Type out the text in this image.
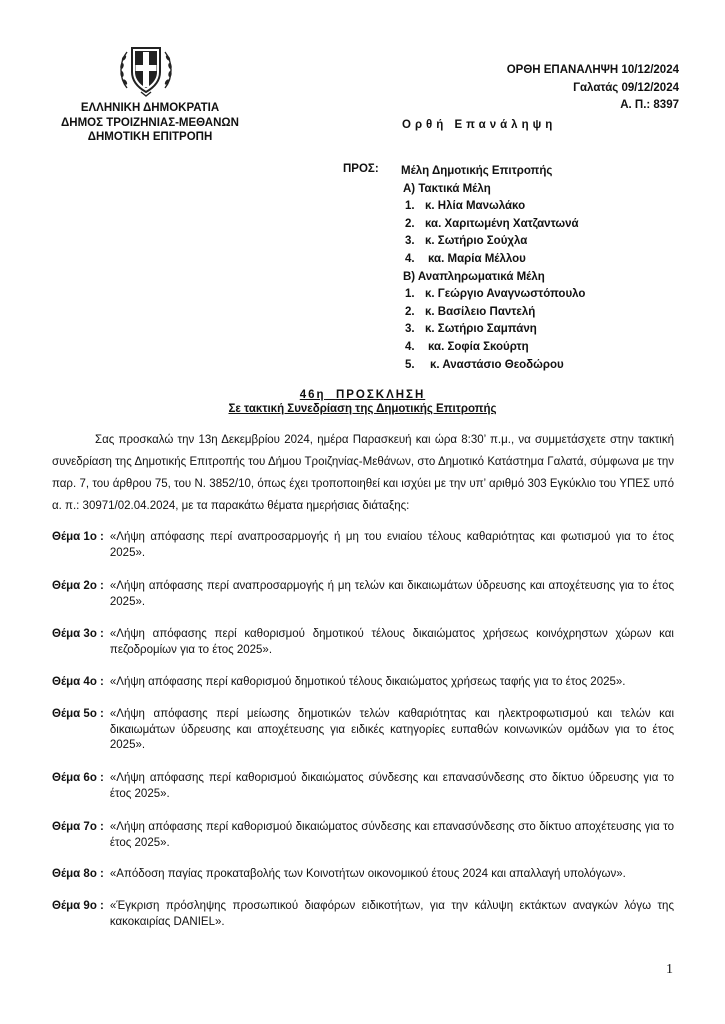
ΕΛΛΗΝΙΚΗ ΔΗΜΟΚΡΑΤΙΑ
ΔΗΜΟΣ ΤΡΟΙΖΗΝΙΑΣ-ΜΕΘΑΝΩΝ
ΔΗΜΟΤΙΚΗ ΕΠΙΤΡΟΠΗ
ΟΡΘΗ ΕΠΑΝΑΛΗΨΗ 10/12/2024
Γαλατάς 09/12/2024
Α. Π.: 8397
Ορθή Επανάληψη
ΠΡΟΣ: Μέλη Δημοτικής Επιτροπής
Α) Τακτικά Μέλη
1. κ. Ηλία Μανωλάκο
2. κα. Χαριτωμένη Χατζαντωνά
3. κ. Σωτήριο Σούχλα
4. κα. Μαρία Μέλλου
Β) Αναπληρωματικά Μέλη
1. κ. Γεώργιο Αναγνωστόπουλο
2. κ. Βασίλειο Παντελή
3. κ. Σωτήριο Σαμπάνη
4. κα. Σοφία Σκούρτη
5. κ. Αναστάσιο Θεοδώρου
46η ΠΡΟΣΚΛΗΣΗ
Σε τακτική Συνεδρίαση της Δημοτικής Επιτροπής
Σας προσκαλώ την 13η Δεκεμβρίου 2024, ημέρα Παρασκευή και ώρα 8:30’ π.μ., να συμμετάσχετε στην τακτική συνεδρίαση της Δημοτικής Επιτροπής του Δήμου Τροιζηνίας-Μεθάνων, στο Δημοτικό Κατάστημα Γαλατά, σύμφωνα με την παρ. 7, του άρθρου 75, του Ν. 3852/10, όπως έχει τροποποιηθεί και ισχύει με την υπ’ αριθμό 303 Εγκύκλιο του ΥΠΕΣ υπό α. π.: 30971/02.04.2024, με τα παρακάτω θέματα ημερήσιας διάταξης:
Θέμα 1ο : «Λήψη απόφασης περί αναπροσαρμογής ή μη του ενιαίου τέλους καθαριότητας και φωτισμού για το έτος 2025».
Θέμα 2ο : «Λήψη απόφασης περί αναπροσαρμογής ή μη τελών και δικαιωμάτων ύδρευσης και αποχέτευσης για το έτος 2025».
Θέμα 3ο : «Λήψη απόφασης περί καθορισμού δημοτικού τέλους δικαιώματος χρήσεως κοινόχρηστων χώρων και πεζοδρομίων για το έτος 2025».
Θέμα 4ο : «Λήψη απόφασης περί καθορισμού δημοτικού τέλους δικαιώματος χρήσεως ταφής για το έτος 2025».
Θέμα 5ο : «Λήψη απόφασης περί μείωσης δημοτικών τελών καθαριότητας και ηλεκτροφωτισμού και τελών και δικαιωμάτων ύδρευσης και αποχέτευσης για ειδικές κατηγορίες ευπαθών κοινωνικών ομάδων για το έτος 2025».
Θέμα 6ο : «Λήψη απόφασης περί καθορισμού δικαιώματος σύνδεσης και επανασύνδεσης στο δίκτυο ύδρευσης για το έτος 2025».
Θέμα 7ο : «Λήψη απόφασης περί καθορισμού δικαιώματος σύνδεσης και επανασύνδεσης στο δίκτυο αποχέτευσης για το έτος 2025».
Θέμα 8ο : «Απόδοση παγίας προκαταβολής των Κοινοτήτων οικονομικού έτους 2024 και απαλλαγή υπολόγων».
Θέμα 9ο : «Έγκριση πρόσληψης προσωπικού διαφόρων ειδικοτήτων, για την κάλυψη εκτάκτων αναγκών λόγω της κακοκαιρίας DANIEL».
1
